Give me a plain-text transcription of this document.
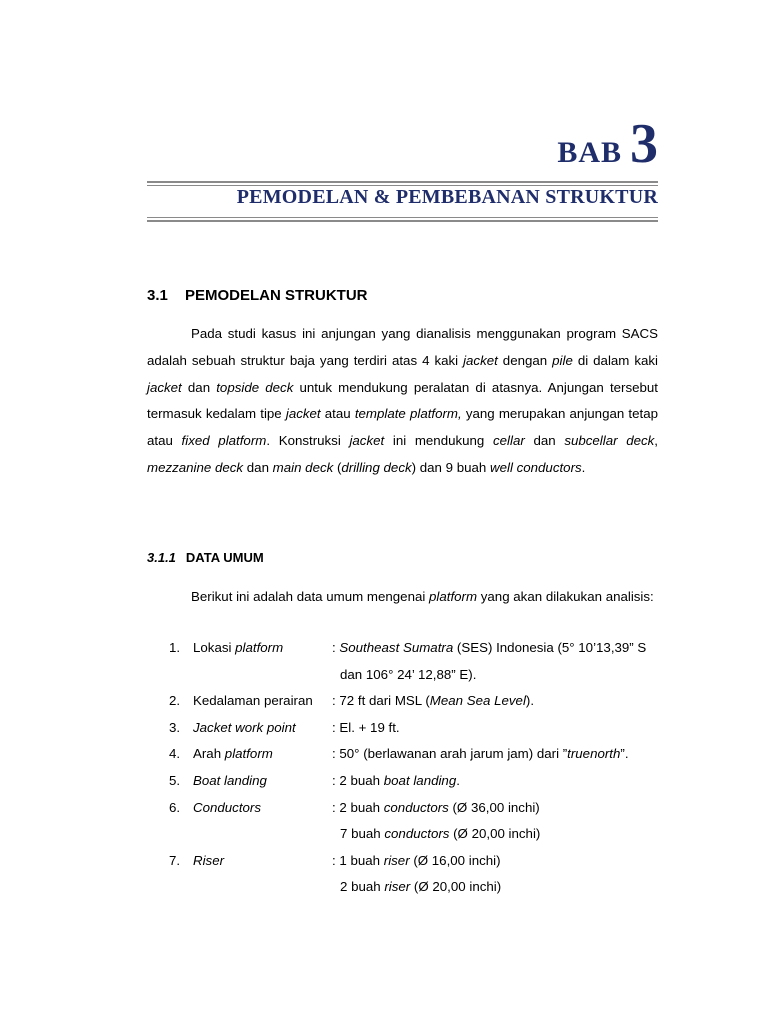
BAB 3
PEMODELAN & PEMBEBANAN STRUKTUR
3.1 PEMODELAN STRUKTUR

Pada studi kasus ini anjungan yang dianalisis menggunakan program SACS adalah sebuah struktur baja yang terdiri atas 4 kaki jacket dengan pile di dalam kaki jacket dan topside deck untuk mendukung peralatan di atasnya. Anjungan tersebut termasuk kedalam tipe jacket atau template platform, yang merupakan anjungan tetap atau fixed platform. Konstruksi jacket ini mendukung cellar dan subcellar deck, mezzanine deck dan main deck (drilling deck) dan 9 buah well conductors.

3.1.1 DATA UMUM

Berikut ini adalah data umum mengenai platform yang akan dilakukan analisis:

1. Lokasi platform	: Southeast Sumatra (SES) Indonesia (5° 10’13,39” S
dan 106° 24’ 12,88” E).
2. Kedalaman perairan : 72 ft dari MSL (Mean Sea Level).
3. Jacket work point	: El. + 19 ft.
4. Arah platform	: 50° (berlawanan arah jarum jam) dari ”truenorth”.
5. Boat landing	: 2 buah boat landing.
6. Conductors	: 2 buah conductors (Ø 36,00 inchi)
7 buah conductors (Ø 20,00 inchi)
7. Riser	: 1 buah riser (Ø 16,00 inchi)
2 buah riser (Ø 20,00 inchi)
